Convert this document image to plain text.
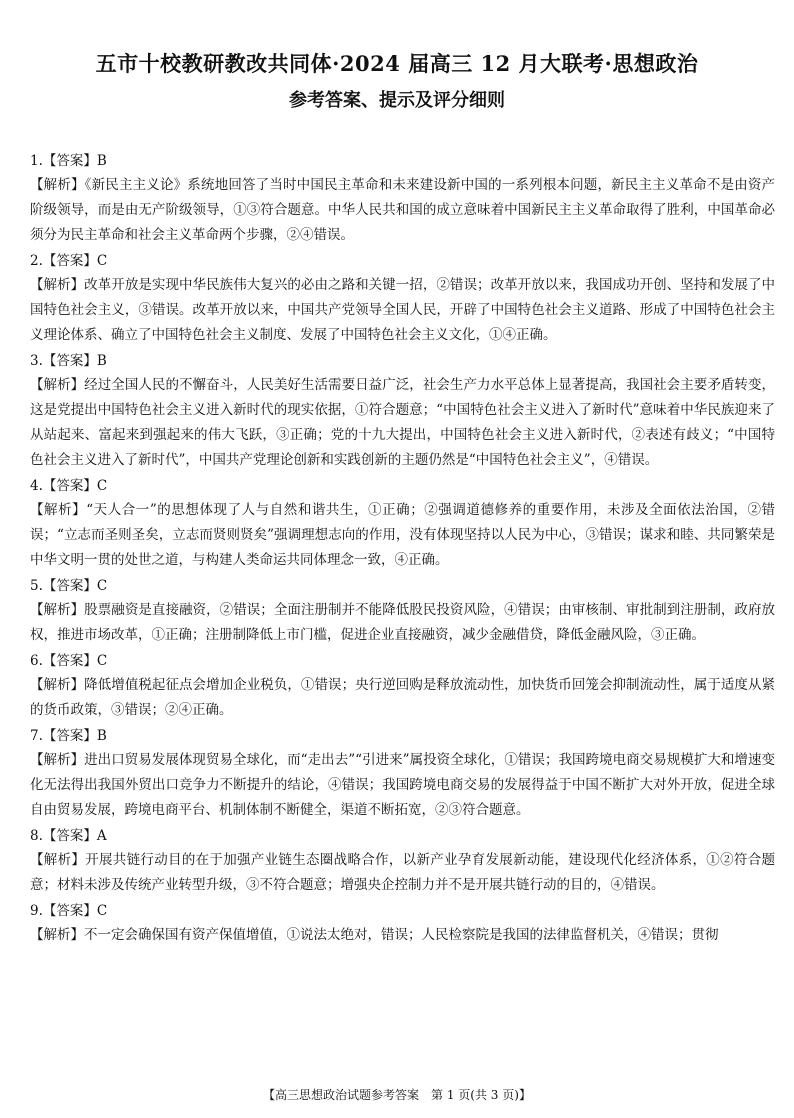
五市十校教研教改共同体·2024 届高三 12 月大联考·思想政治
参考答案、提示及评分细则
1.【答案】B
【解析】《新民主主义论》系统地回答了当时中国民主革命和未来建设新中国的一系列根本问题，新民主主义革命不是由资产阶级领导，而是由无产阶级领导，①③符合题意。中华人民共和国的成立意味着中国新民主主义革命取得了胜利，中国革命必须分为民主革命和社会主义革命两个步骤，②④错误。
2.【答案】C
【解析】改革开放是实现中华民族伟大复兴的必由之路和关键一招，②错误；改革开放以来，我国成功开创、坚持和发展了中国特色社会主义，③错误。改革开放以来，中国共产党领导全国人民，开辟了中国特色社会主义道路、形成了中国特色社会主义理论体系、确立了中国特色社会主义制度、发展了中国特色社会主义文化，①④正确。
3.【答案】B
【解析】经过全国人民的不懈奋斗，人民美好生活需要日益广泛，社会生产力水平总体上显著提高，我国社会主要矛盾转变，这是党提出中国特色社会主义进入新时代的现实依据，①符合题意；“中国特色社会主义进入了新时代”意味着中华民族迎来了从站起来、富起来到强起来的伟大飞跃，③正确；党的十九大提出，中国特色社会主义进入新时代，②表述有歧义；“中国特色社会主义进入了新时代”，中国共产党理论创新和实践创新的主题仍然是“中国特色社会主义”，④错误。
4.【答案】C
【解析】“天人合一”的思想体现了人与自然和谐共生，①正确；②强调道德修养的重要作用，未涉及全面依法治国，②错误；“立志而圣则圣矣，立志而贤则贤矣”强调理想志向的作用，没有体现坚持以人民为中心，③错误；谋求和睦、共同繁荣是中华文明一贯的处世之道，与构建人类命运共同体理念一致，④正确。
5.【答案】C
【解析】股票融资是直接融资，②错误；全面注册制并不能降低股民投资风险，④错误；由审核制、审批制到注册制，政府放权，推进市场改革，①正确；注册制降低上市门槛，促进企业直接融资，减少金融借贷，降低金融风险，③正确。
6.【答案】C
【解析】降低增值税起征点会增加企业税负，①错误；央行逆回购是释放流动性，加快货币回笼会抑制流动性，属于适度从紧的货币政策，③错误；②④正确。
7.【答案】B
【解析】进出口贸易发展体现贸易全球化，而“走出去”“引进来”属投资全球化，①错误；我国跨境电商交易规模扩大和增速变化无法得出我国外贸出口竞争力不断提升的结论，④错误；我国跨境电商交易的发展得益于中国不断扩大对外开放，促进全球自由贸易发展，跨境电商平台、机制体制不断健全，渠道不断拓宽，②③符合题意。
8.【答案】A
【解析】开展共链行动目的在于加强产业链生态圈战略合作，以新产业孕育发展新动能，建设现代化经济体系，①②符合题意；材料未涉及传统产业转型升级，③不符合题意；增强央企控制力并不是开展共链行动的目的，④错误。
9.【答案】C
【解析】不一定会确保国有资产保值增值，①说法太绝对，错误；人民检察院是我国的法律监督机关，④错误；贯彻
【高三思想政治试题参考答案　第 1 页(共 3 页)】
